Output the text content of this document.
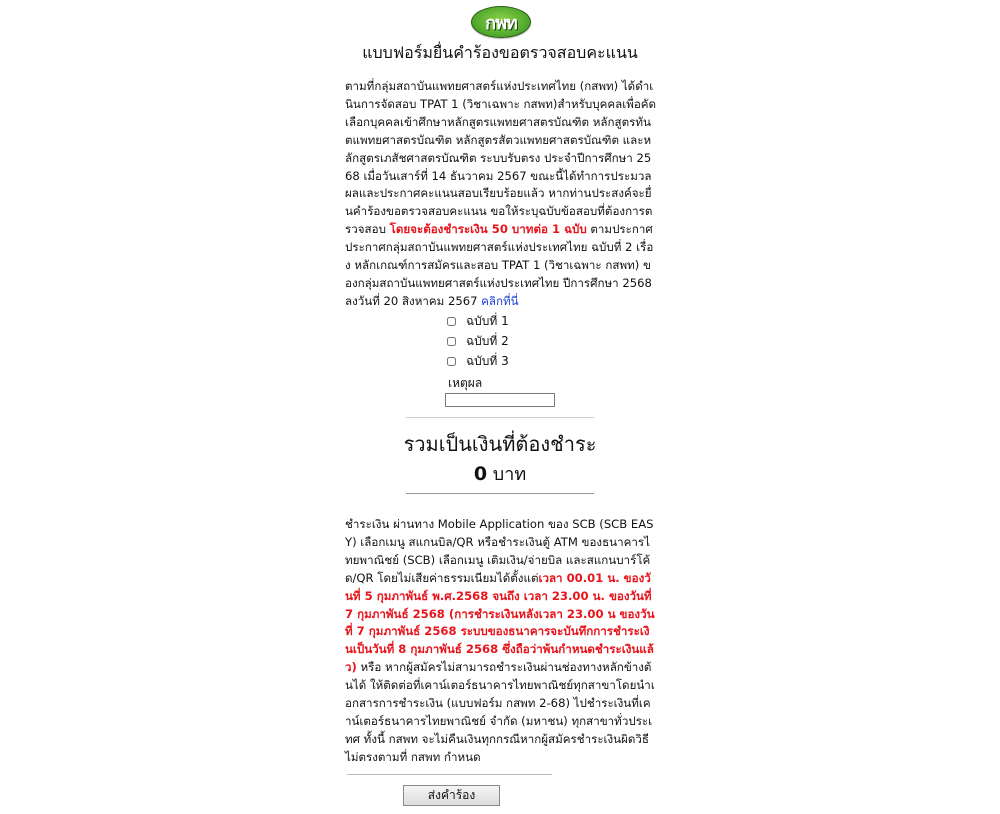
กพท
แบบฟอร์มยื่นคำร้องขอตรวจสอบคะแนน
ตามที่กลุ่มสถาบันแพทยศาสตร์แห่งประเทศไทย (กสพท) ได้ดำเนินการจัดสอบ TPAT 1 (วิชาเฉพาะ กสพท)สำหรับบุคคลเพื่อคัดเลือกบุคคลเข้าศึกษาหลักสูตรแพทยศาสตรบัณฑิต หลักสูตรทันตแพทยศาสตรบัณฑิต หลักสูตรสัตวแพทยศาสตรบัณฑิต และหลักสูตรเภสัชศาสตรบัณฑิต ระบบรับตรง ประจำปีการศึกษา 2568 เมื่อวันเสาร์ที่ 14 ธันวาคม 2567 ขณะนี้ได้ทำการประมวลผลและประกาศคะแนนสอบเรียบร้อยแล้ว หากท่านประสงค์จะยื่นคำร้องขอตรวจสอบคะแนน ขอให้ระบุฉบับข้อสอบที่ต้องการตรวจสอบ โดยจะต้องชำระเงิน 50 บาทต่อ 1 ฉบับ ตามประกาศประกาศกลุ่มสถาบันแพทยศาสตร์แห่งประเทศไทย ฉบับที่ 2 เรื่อง หลักเกณฑ์การสมัครและสอบ TPAT 1 (วิชาเฉพาะ กสพท) ของกลุ่มสถาบันแพทยศาสตร์แห่งประเทศไทย ปีการศึกษา 2568 ลงวันที่ 20 สิงหาคม 2567 คลิกที่นี่
ฉบับที่ 1
ฉบับที่ 2
ฉบับที่ 3
เหตุผล
รวมเป็นเงินที่ต้องชำระ
0 บาท
ชำระเงิน ผ่านทาง Mobile Application ของ SCB (SCB EASY) เลือกเมนู สแกนบิล/QR หรือชำระเงินตู้ ATM ของธนาคารไทยพาณิชย์ (SCB) เลือกเมนู เติมเงิน/จ่ายบิล และสแกนบาร์โค้ด/QR โดยไม่เสียค่าธรรมเนียมได้ตั้งแต่เวลา 00.01 น. ของวันที่ 5 กุมภาพันธ์ พ.ศ.2568 จนถึง เวลา 23.00 น. ของวันที่ 7 กุมภาพันธ์ 2568 (การชำระเงินหลังเวลา 23.00 น ของวันที่ 7 กุมภาพันธ์ 2568 ระบบของธนาคารจะบันทึกการชำระเงินเป็นวันที่ 8 กุมภาพันธ์ 2568 ซึ่งถือว่าพ้นกำหนดชำระเงินแล้ว) หรือ หากผู้สมัครไม่สามารถชำระเงินผ่านช่องทางหลักข้างต้นได้ ให้ติดต่อที่เคาน์เตอร์ธนาคารไทยพาณิชย์ทุกสาขาโดยนำเอกสารการชำระเงิน (แบบฟอร์ม กสพท 2-68) ไปชำระเงินที่เคาน์เตอร์ธนาคารไทยพาณิชย์ จำกัด (มหาชน) ทุกสาขาทั่วประเทศ ทั้งนี้ กสพท จะไม่คืนเงินทุกกรณีหากผู้สมัครชำระเงินผิดวิธี ไม่ตรงตามที่ กสพท กำหนด
ส่งคำร้อง
